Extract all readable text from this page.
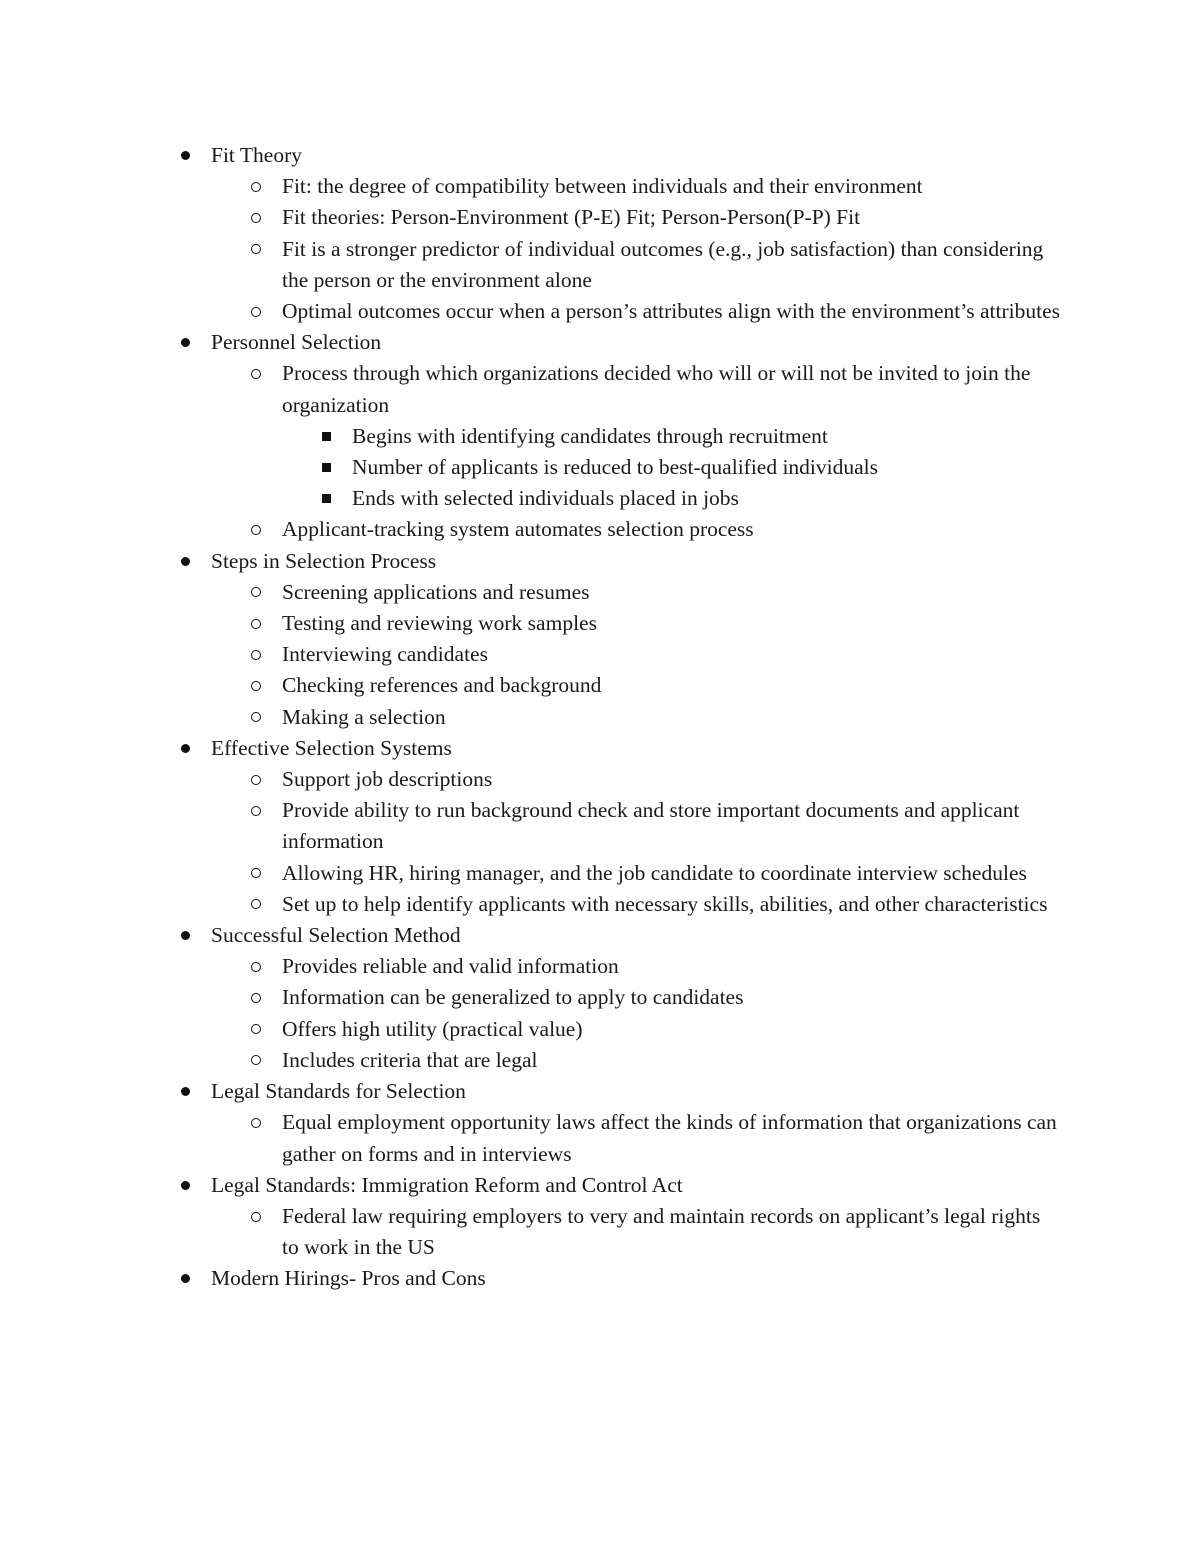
Fit Theory
Fit: the degree of compatibility between individuals and their environment
Fit theories: Person-Environment (P-E) Fit; Person-Person(P-P) Fit
Fit is a stronger predictor of individual outcomes (e.g., job satisfaction) than considering the person or the environment alone
Optimal outcomes occur when a person’s attributes align with the environment’s attributes
Personnel Selection
Process through which organizations decided who will or will not be invited to join the organization
Begins with identifying candidates through recruitment
Number of applicants is reduced to best-qualified individuals
Ends with selected individuals placed in jobs
Applicant-tracking system automates selection process
Steps in Selection Process
Screening applications and resumes
Testing and reviewing work samples
Interviewing candidates
Checking references and background
Making a selection
Effective Selection Systems
Support job descriptions
Provide ability to run background check and store important documents and applicant information
Allowing HR, hiring manager, and the job candidate to coordinate interview schedules
Set up to help identify applicants with necessary skills, abilities, and other characteristics
Successful Selection Method
Provides reliable and valid information
Information can be generalized to apply to candidates
Offers high utility (practical value)
Includes criteria that are legal
Legal Standards for Selection
Equal employment opportunity laws affect the kinds of information that organizations can gather on forms and in interviews
Legal Standards: Immigration Reform and Control Act
Federal law requiring employers to very and maintain records on applicant’s legal rights to work in the US
Modern Hirings- Pros and Cons
